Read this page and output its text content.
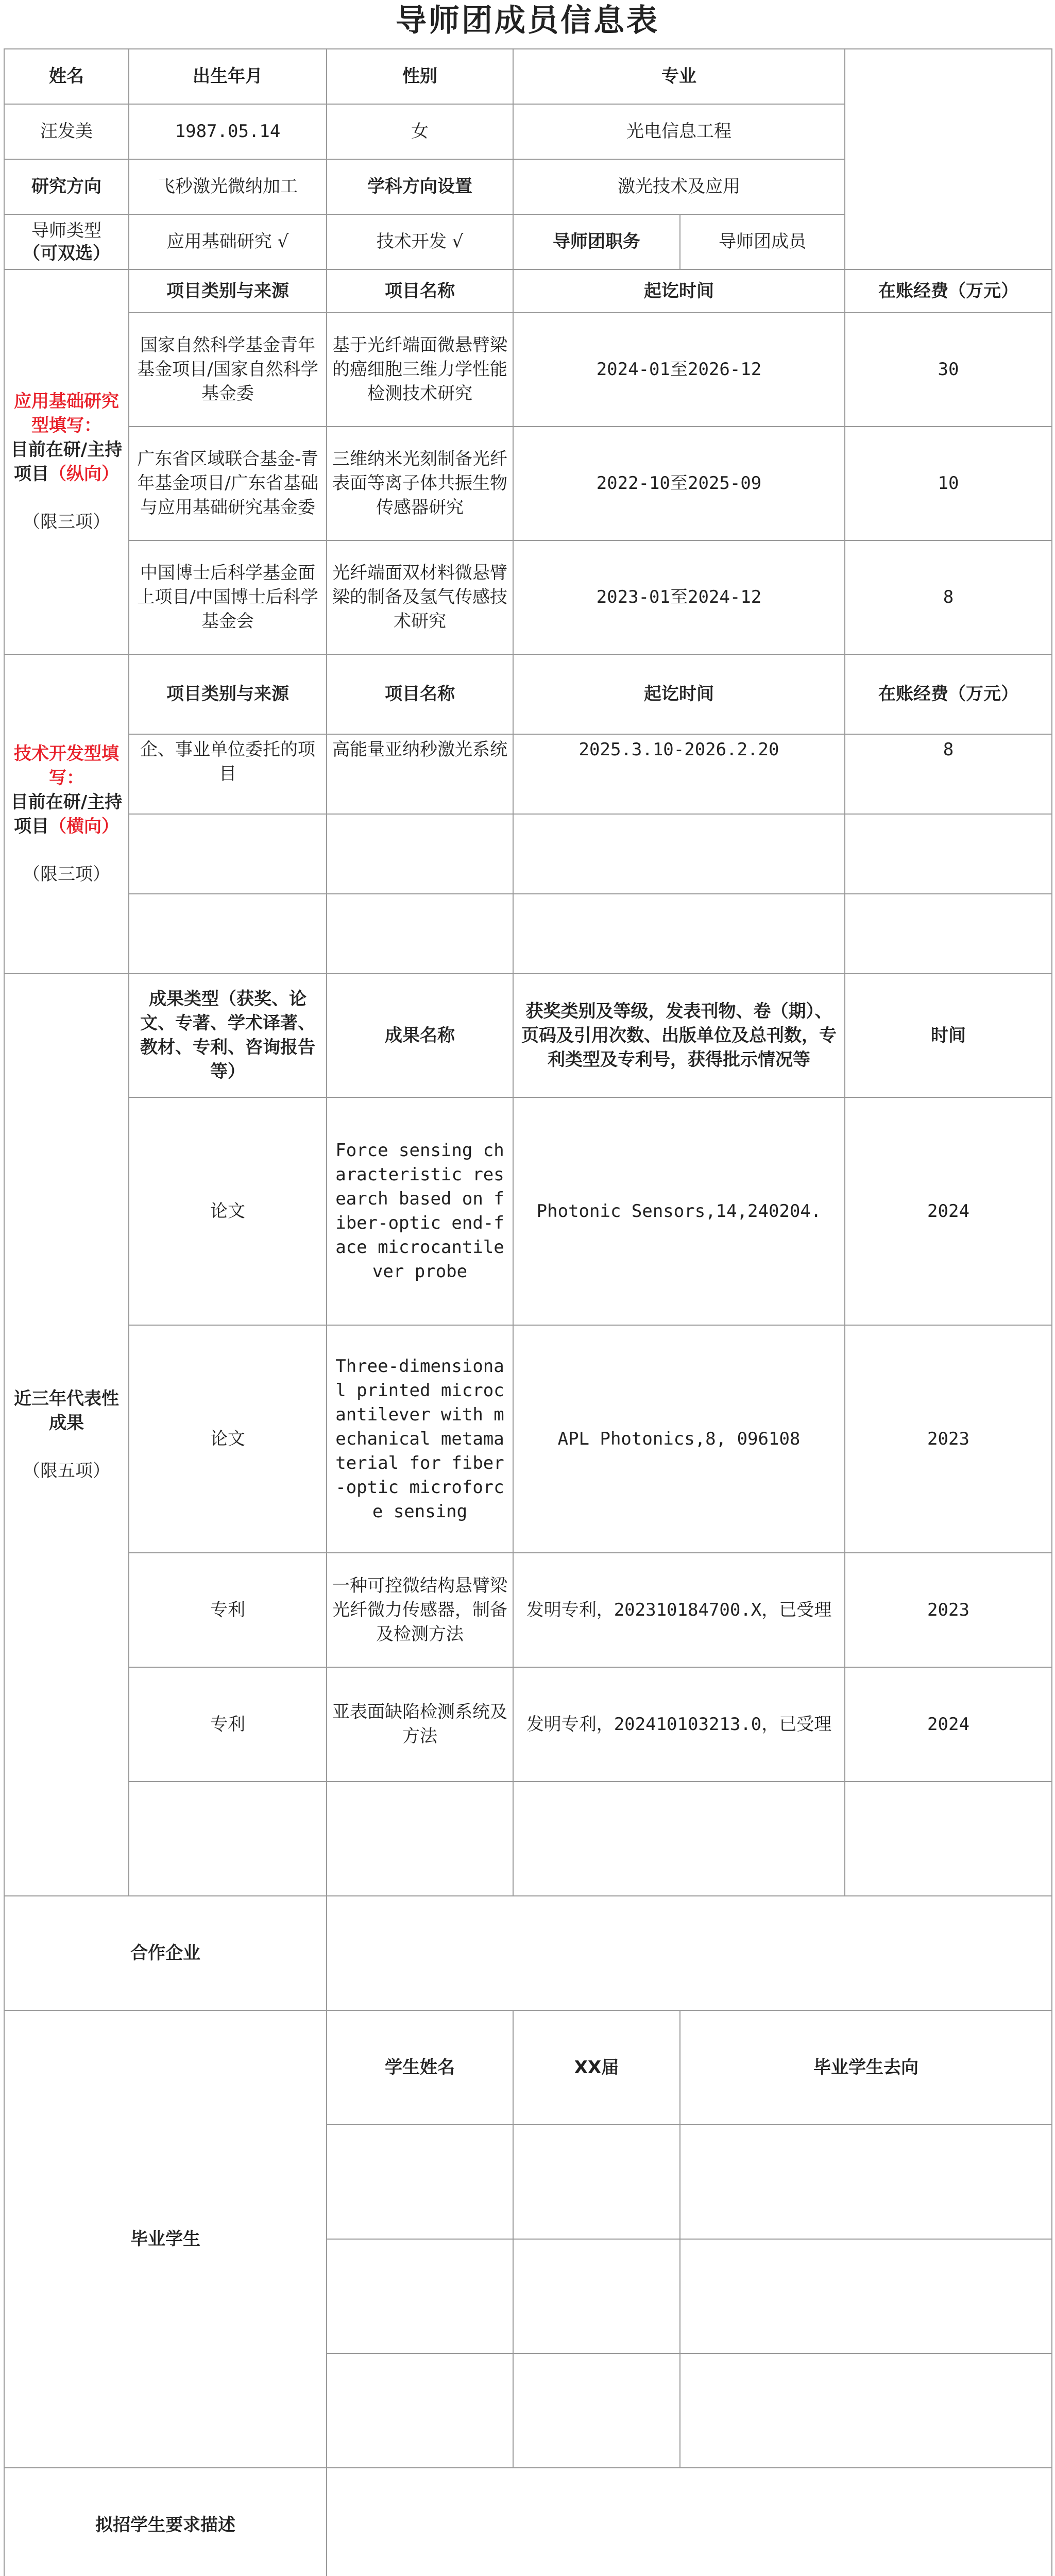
导师团成员信息表
姓名	出生年月	性别	专业		
汪发美	1987.05.14	女	光电信息工程		
研究方向	飞秒激光微纳加工	学科方向设置	激光技术及应用		
导师类型
（可双选）	应用基础研究 √	技术开发 √	导师团职务	导师团成员	
应用基础研究型填写：
目前在研/主持项目（纵向）
（限三项）	项目类别与来源	项目名称	起讫时间		在账经费（万元）
	国家自然科学基金青年基金项目/国家自然科学基金委	基于光纤端面微悬臂梁的癌细胞三维力学性能检测技术研究	2024-01至2026-12		30
	广东省区域联合基金-青年基金项目/广东省基础与应用基础研究基金委	三维纳米光刻制备光纤表面等离子体共振生物传感器研究	2022-10至2025-09		10
	中国博士后科学基金面上项目/中国博士后科学基金会	光纤端面双材料微悬臂梁的制备及氢气传感技术研究	2023-01至2024-12		8
技术开发型填写：
目前在研/主持项目（横向）
（限三项）	项目类别与来源	项目名称	起讫时间		在账经费（万元）
	企、事业单位委托的项目	高能量亚纳秒激光系统	2025.3.10-2026.2.20		8

近三年代表性成果
（限五项）	成果类型（获奖、论文、专著、学术译著、教材、专利、咨询报告等）	成果名称	获奖类别及等级，发表刊物、卷（期）、页码及引用次数、出版单位及总刊数，专利类型及专利号，获得批示情况等		时间
	论文	Force sensing characteristic research based on fiber-optic end-face microcantilever probe	Photonic Sensors,14,240204.		2024
	论文	Three-dimensional printed microcantilever with mechanical metamaterial for fiber-optic microforce sensing	APL Photonics,8, 096108		2023
	专利	一种可控微结构悬臂梁光纤微力传感器，制备及检测方法	发明专利，202310184700.X，已受理		2023
	专利	亚表面缺陷检测系统及方法	发明专利，202410103213.0，已受理		2024

合作企业					
毕业学生		学生姓名	XX届	毕业学生去向	

拟招学生要求描述					
